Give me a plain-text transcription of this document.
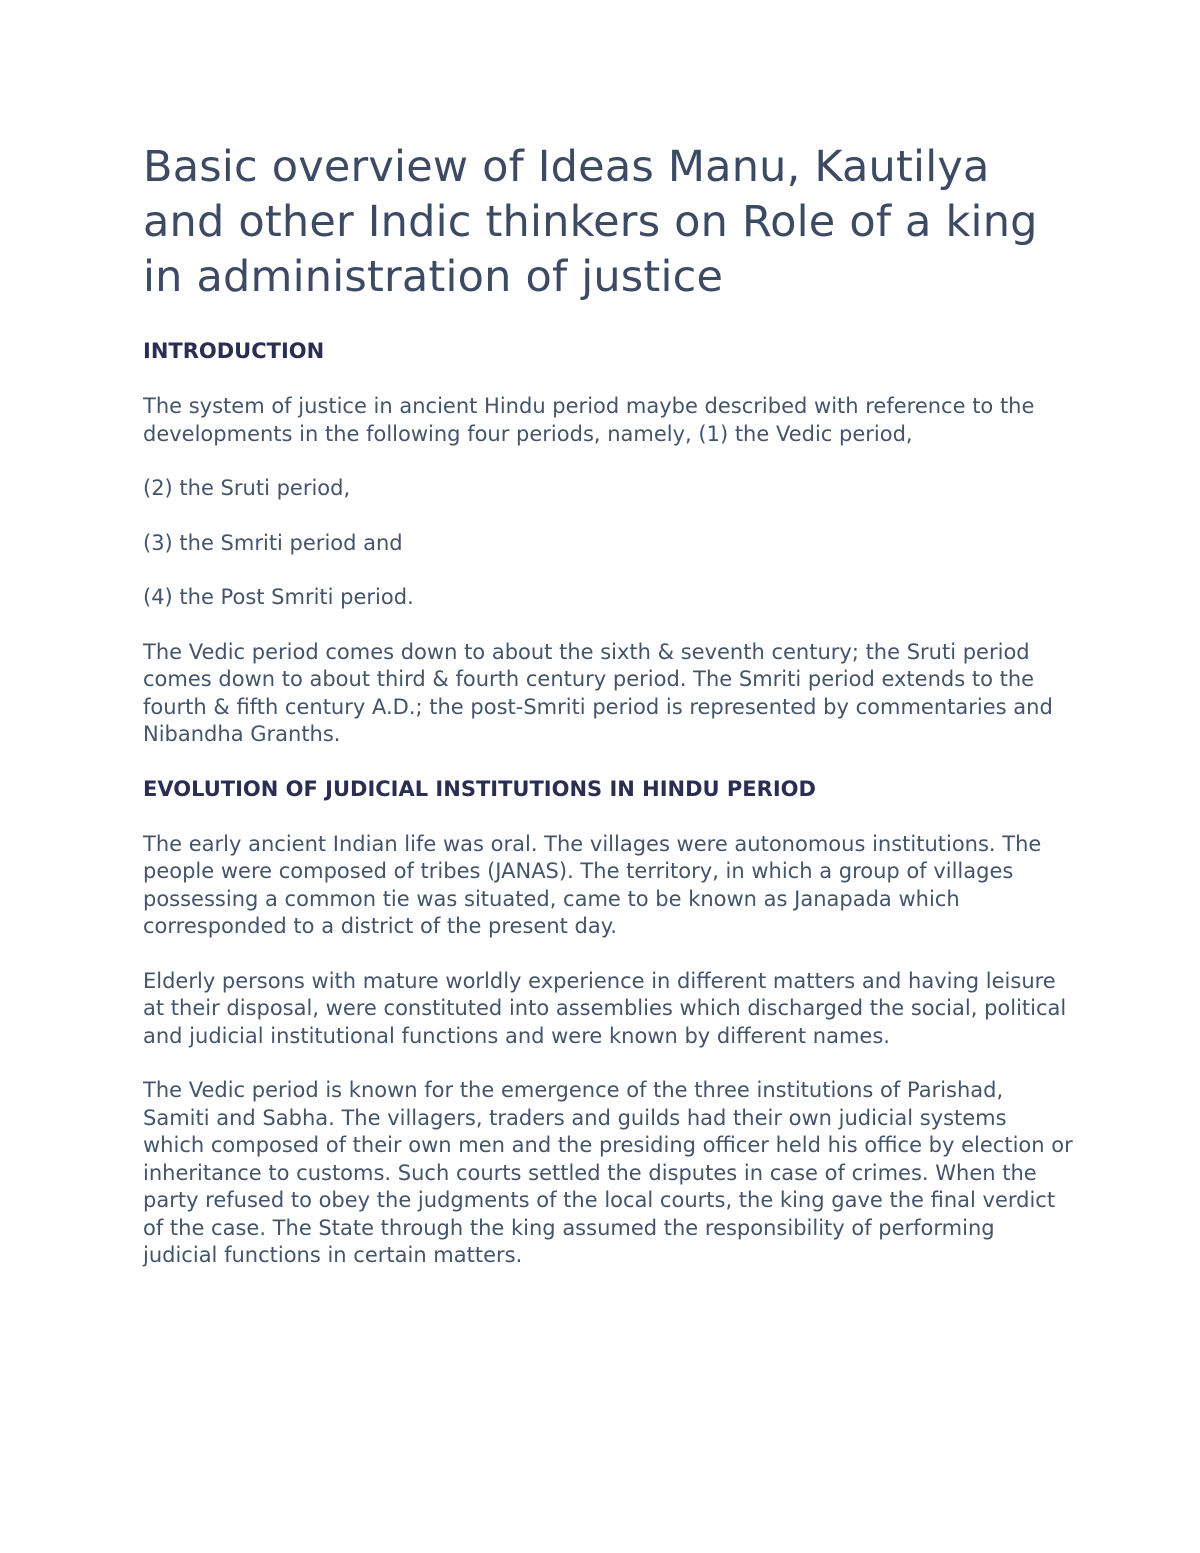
Basic overview of Ideas Manu, Kautilya and other Indic thinkers on Role of a king in administration of justice
INTRODUCTION

The system of justice in ancient Hindu period maybe described with reference to the developments in the following four periods, namely, (1) the Vedic period,

(2) the Sruti period,

(3) the Smriti period and

(4) the Post Smriti period.

The Vedic period comes down to about the sixth & seventh century; the Sruti period comes down to about third & fourth century period. The Smriti period extends to the fourth & fifth century A.D.; the post-Smriti period is represented by commentaries and Nibandha Granths.

EVOLUTION OF JUDICIAL INSTITUTIONS IN HINDU PERIOD

The early ancient Indian life was oral. The villages were autonomous institutions. The people were composed of tribes (JANAS). The territory, in which a group of villages possessing a common tie was situated, came to be known as Janapada which corresponded to a district of the present day.

Elderly persons with mature worldly experience in different matters and having leisure at their disposal, were constituted into assemblies which discharged the social, political and judicial institutional functions and were known by different names.

The Vedic period is known for the emergence of the three institutions of Parishad, Samiti and Sabha. The villagers, traders and guilds had their own judicial systems which composed of their own men and the presiding officer held his office by election or inheritance to customs. Such courts settled the disputes in case of crimes. When the party refused to obey the judgments of the local courts, the king gave the final verdict of the case. The State through the king assumed the responsibility of performing judicial functions in certain matters.
